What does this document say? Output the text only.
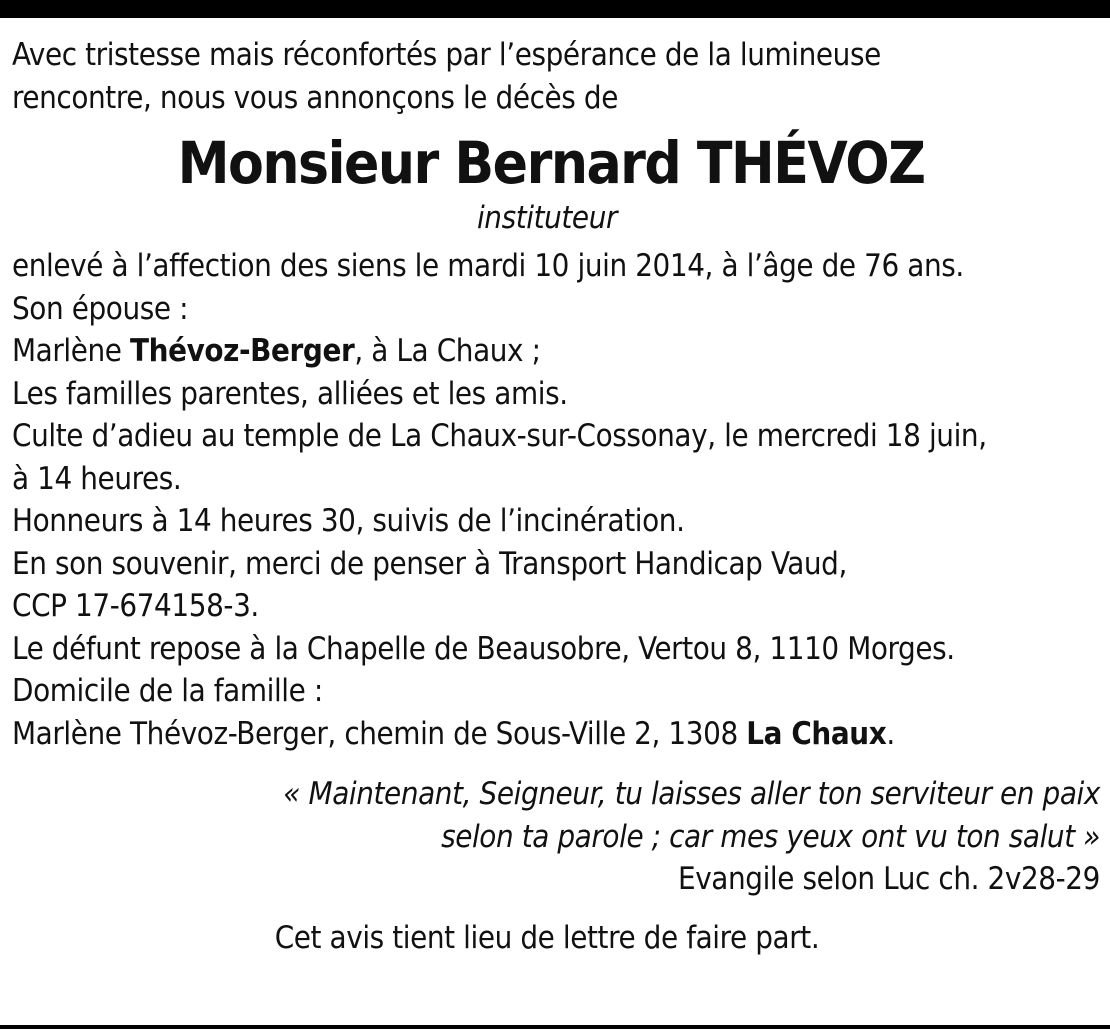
Avec tristesse mais réconfortés par l’espérance de la lumineuse

rencontre, nous vous annonçons le décès de

Monsieur Bernard THÉVOZ

instituteur

enlevé à l’affection des siens le mardi 10 juin 2014, à l’âge de 76 ans.

Son épouse :

Marlène Thévoz-Berger, à La Chaux ;

Les familles parentes, alliées et les amis.

Culte d’adieu au temple de La Chaux-sur-Cossonay, le mercredi 18 juin,

à 14 heures.

Honneurs à 14 heures 30, suivis de l’incinération.

En son souvenir, merci de penser à Transport Handicap Vaud,

CCP 17-674158-3.

Le défunt repose à la Chapelle de Beausobre, Vertou 8, 1110 Morges.

Domicile de la famille :

Marlène Thévoz-Berger, chemin de Sous-Ville 2, 1308 La Chaux.

« Maintenant, Seigneur, tu laisses aller ton serviteur en paix

selon ta parole ; car mes yeux ont vu ton salut »

Evangile selon Luc ch. 2v28-29

Cet avis tient lieu de lettre de faire part.
